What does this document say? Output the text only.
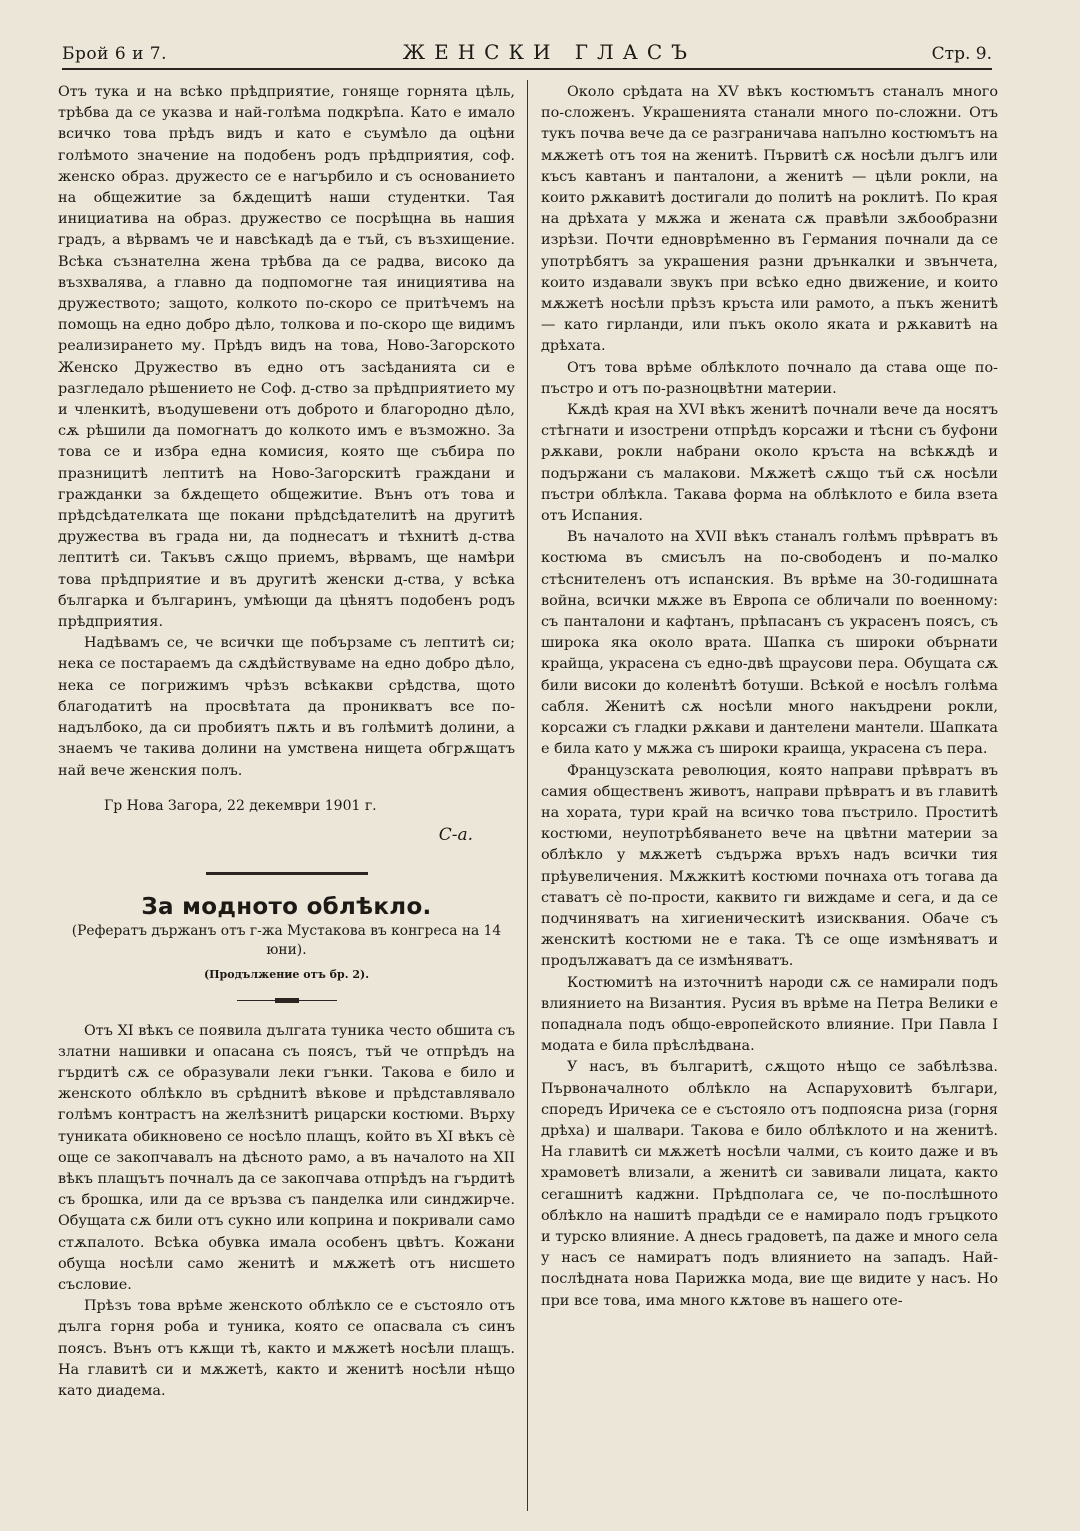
Брой 6 и 7.	ЖЕНСКИ ГЛАСЪ	Стр. 9.

Отъ тука и на всѣко прѣдприятие, гонящe горнята цѣль, трѣбва да се указва и най-голѣма подкрѣпа. Като е имало всичко това прѣдъ видъ и като е съумѣло да оцѣни голѣмото значение на подобенъ родъ прѣдприятия, соф. женско образ. дружесто се е нагърбило и съ основанието на общежитие за бѫдещитѣ наши студентки. Тая инициатива на образ. дружество се посрѣщна вь нашия градъ, а вѣрвамъ че и навсѣкадѣ да е тъй, съ възхищение. Всѣка съзнателна жена трѣбва да се радва, високо да възхвалява, а главно да подпомогне тая инициятива на дружеството; защото, колкото по-скоро се притѣчемъ на помощь на едно добро дѣло, толкова и по-скоро ще видимъ реализирането му. Прѣдъ видъ на това, Ново-Загорското Женско Дружество въ едно отъ засѣданията си е разгледало рѣшението не Соф. д-ство за прѣдприятието му и членкитѣ, въодушевени отъ доброто и благородно дѣло, сѫ рѣшили да помогнатъ до колкото имъ е възможно. За това се и избра една комисия, която ще събира по празницитѣ лептитѣ на Ново-Загорскитѣ граждани и гражданки за бѫдещето общежитие. Вънъ отъ това и прѣдсѣдателката ще покани прѣдсѣдателитѣ на другитѣ дружества въ града ни, да поднесатъ и тѣхнитѣ д-ства лептитѣ си. Такъвъ сѫщо приемъ, вѣрвамъ, ще намѣри това прѣдприятие и въ другитѣ женски д-ства, у всѣка българка и българинъ, умѣющи да цѣнятъ подобенъ родъ прѣдприятия.

Надѣвамъ се, че всички ще побързаме съ лептитѣ си; нека се постараемъ да сѫдѣйствуваме на едно добро дѣло, нека се погрижимъ чрѣзъ всѣкакви срѣдства, щото благодатитѣ на просвѣтата да проникватъ все по-надълбоко, да си пробиятъ пѫть и въ голѣмитѣ долини, а знаемъ че такива долини на умствена нищета обгрѫщатъ най вече женския полъ.

Гр Нова Загора, 22 декември 1901 г.

С-а.

За модното облѣкло.

(Рефератъ държанъ отъ г-жа Мустакова въ конгреса на 14 юни).

(Продължение отъ бр. 2).

Отъ XI вѣкъ се появила дългата туника често обшита съ златни нашивки и опасана съ поясъ, тъй че отпрѣдъ на гърдитѣ сѫ се образували леки гънки. Такова е било и женското облѣкло въ срѣднитѣ вѣкове и прѣдставлявало голѣмъ контрастъ на желѣзнитѣ рицарски костюми. Върху туниката обикновено се носѣло плащъ, който въ XI вѣкъ сѐ още се закопчавалъ на дѣсното рамо, а въ началото на XII вѣкъ плащътъ почналъ да се закопчава отпрѣдъ на гърдитѣ съ брошка, или да се връзва съ панделка или синджирче. Обущата сѫ били отъ сукно или коприна и покривали само стѫпалото. Всѣка обувка имала особенъ цвѣтъ. Кожани обуща носѣли само женитѣ и мѫжетѣ отъ нисшето съсловие.

Прѣзъ това врѣме женското облѣкло се е състояло отъ дълга горня роба и туника, която се опасвала съ синъ поясъ. Вънъ отъ кѫщи тѣ, както и мѫжетѣ носѣли плащъ. На главитѣ си и мѫжетѣ, както и женитѣ носѣли нѣщо като диадема.

Около срѣдата на XV вѣкъ костюмътъ станалъ много по-сложенъ. Украшенията станали много по-сложни. Отъ тукъ почва вече да се разграничава напълно костюмътъ на мѫжетѣ отъ тоя на женитѣ. Първитѣ сѫ носѣли дългъ или късъ кавтанъ и панталони, а женитѣ — цѣли рокли, на които рѫкавитѣ достигали до политѣ на роклитѣ. По края на дрѣхата у мѫжа и жената сѫ правѣли зѫбообразни изрѣзи. Почти едноврѣменно въ Германия почнали да се употрѣбятъ за украшения разни дрънкалки и звънчета, които издавали звукъ при всѣко едно движение, и които мѫжетѣ носѣли прѣзъ кръста или рамото, а пъкъ женитѣ — като гирланди, или пъкъ около яката и рѫкавитѣ на дрѣхата.

Отъ това врѣме облѣклото почнало да става още по-пъстро и отъ по-разноцвѣтни материи.

Кѫдѣ края на XVI вѣкъ женитѣ почнали вече да носятъ стѣгнати и изострени отпрѣдъ корсажи и тѣсни съ буфони рѫкави, рокли набрани около кръста на всѣкѫдѣ и подържани съ малакови. Мѫжетѣ сѫщо тъй сѫ носѣли пъстри облѣкла. Такава форма на облѣклото е била взета отъ Испания.

Въ началото на XVII вѣкъ станалъ голѣмъ прѣвратъ въ костюма въ смисълъ на по-свободенъ и по-малко стѣснителенъ отъ испанския. Въ врѣме на 30-годишната война, всички мѫже въ Европа се обличали по военному: съ панталони и кафтанъ, прѣпасанъ съ украсенъ поясъ, съ широка яка около врата. Шапка съ широки обърнати крайща, украсена съ едно-двѣ щраусови пера. Обущата сѫ били високи до коленѣтѣ ботуши. Всѣкой е носѣлъ голѣма сабля. Женитѣ сѫ носѣли много накъдрени рокли, корсажи съ гладки рѫкави и дантелени мантели. Шапката е била като у мѫжа съ широки краища, украсена съ пера.

Французската революция, която направи прѣвратъ въ самия общественъ животъ, направи прѣвратъ и въ главитѣ на хората, тури край на всичко това пъстрило. Проститѣ костюми, неупотрѣбяването вече на цвѣтни материи за облѣкло у мѫжетѣ съдържа връхъ надъ всички тия прѣувеличения. Мѫжкитѣ костюми почнаха отъ тогава да ставатъ сѐ по-прости, каквито ги виждаме и сега, и да се подчиняватъ на хигиеническитѣ изисквания. Обаче съ женскитѣ костюми не е така. Тѣ се още измѣняватъ и продължаватъ да се измѣняватъ.

Костюмитѣ на източнитѣ народи сѫ се намирали подъ влиянието на Византия. Русия въ врѣме на Петра Велики е попаднала подъ общо-европейското влияние. При Павла I модата е била прѣслѣдвана.

У насъ, въ българитѣ, сѫщото нѣщо се забѣлѣзва. Първоначалното облѣкло на Аспаруховитѣ българи, споредъ Иричека се е състояло отъ подпояснa риза (горня дрѣха) и шалвари. Такова е било облѣклото и на женитѣ. На главитѣ си мѫжетѣ носѣли чалми, съ които даже и въ храмоветѣ влизали, а женитѣ си завивали лицата, както сегашнитѣ каджни. Прѣдполага се, че по-послѣшното облѣкло на нашитѣ прадѣди се е намирало подъ гръцкото и турско влияние. А днесь градоветѣ, па даже и много села у насъ се намиратъ подъ влиянието на западъ. Най-послѣдната нова Парижка мода, вие ще видите у насъ. Но при все това, има много кѫтове въ нашего оте-
